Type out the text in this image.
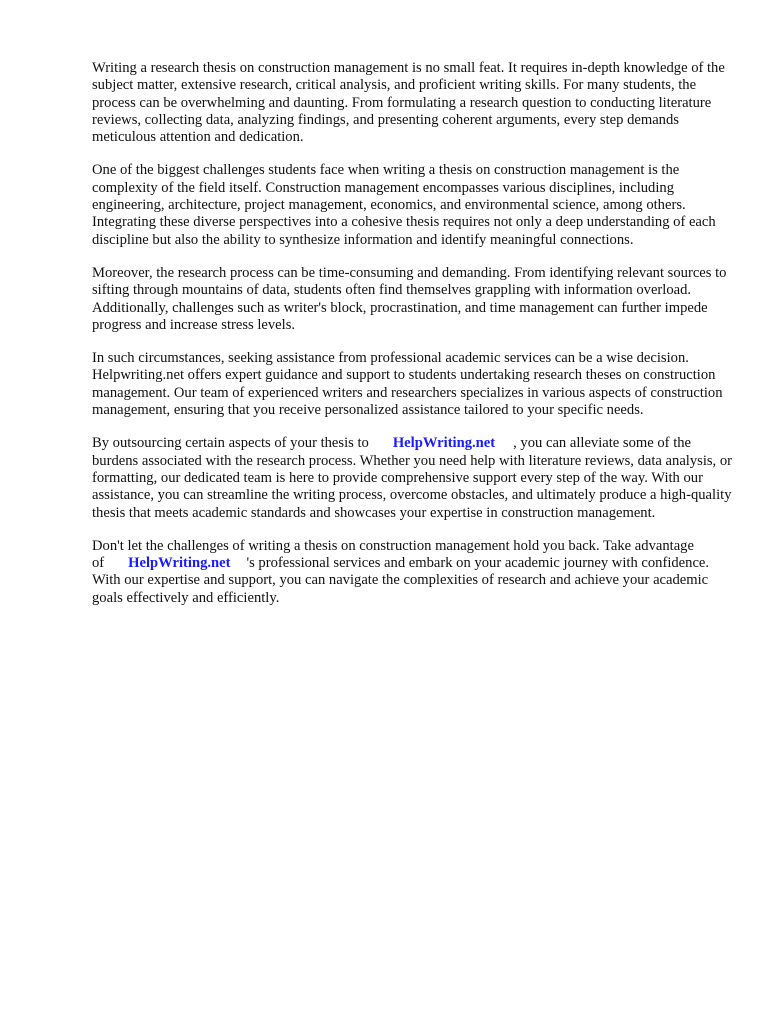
Writing a research thesis on construction management is no small feat. It requires in-depth knowledge of the subject matter, extensive research, critical analysis, and proficient writing skills. For many students, the process can be overwhelming and daunting. From formulating a research question to conducting literature reviews, collecting data, analyzing findings, and presenting coherent arguments, every step demands meticulous attention and dedication.

One of the biggest challenges students face when writing a thesis on construction management is the complexity of the field itself. Construction management encompasses various disciplines, including engineering, architecture, project management, economics, and environmental science, among others. Integrating these diverse perspectives into a cohesive thesis requires not only a deep understanding of each discipline but also the ability to synthesize information and identify meaningful connections.

Moreover, the research process can be time-consuming and demanding. From identifying relevant sources to sifting through mountains of data, students often find themselves grappling with information overload. Additionally, challenges such as writer's block, procrastination, and time management can further impede progress and increase stress levels.

In such circumstances, seeking assistance from professional academic services can be a wise decision. Helpwriting.net offers expert guidance and support to students undertaking research theses on construction management. Our team of experienced writers and researchers specializes in various aspects of construction management, ensuring that you receive personalized assistance tailored to your specific needs.

By outsourcing certain aspects of your thesis to HelpWriting.net , you can alleviate some of the burdens associated with the research process. Whether you need help with literature reviews, data analysis, or formatting, our dedicated team is here to provide comprehensive support every step of the way. With our assistance, you can streamline the writing process, overcome obstacles, and ultimately produce a high-quality thesis that meets academic standards and showcases your expertise in construction management.

Don't let the challenges of writing a thesis on construction management hold you back. Take advantage of HelpWriting.net 's professional services and embark on your academic journey with confidence. With our expertise and support, you can navigate the complexities of research and achieve your academic goals effectively and efficiently.
